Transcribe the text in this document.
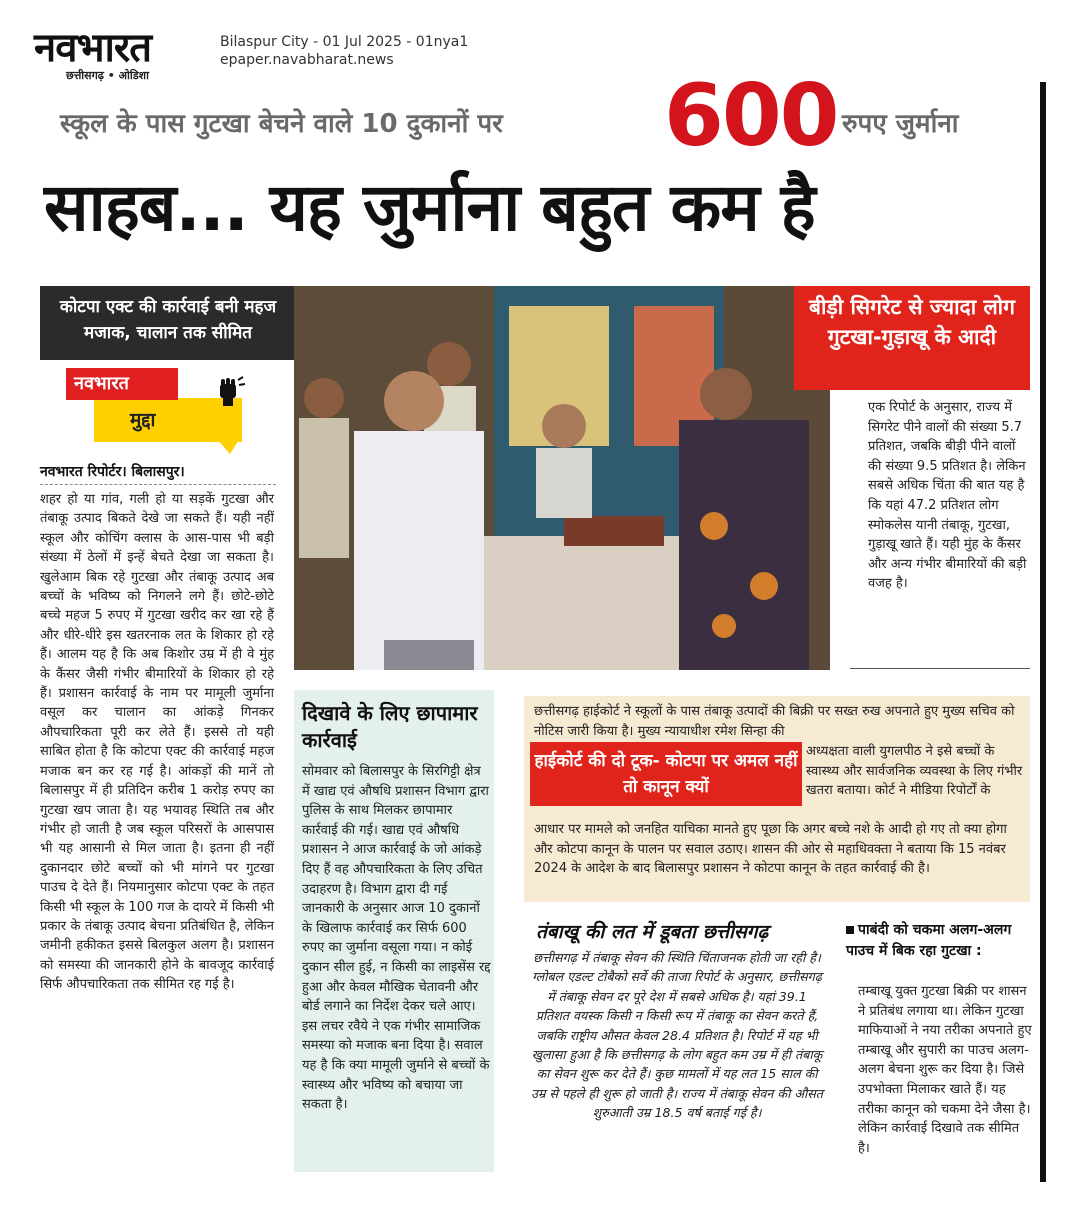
नवभारत
छत्तीसगढ़ • ओडिशा
Bilaspur City - 01 Jul 2025 - 01nya1
epaper.navabharat.news
स्कूल के पास गुटखा बेचने वाले 10 दुकानों पर 600 रुपए जुर्माना
साहब... यह जुर्माना बहुत कम है
कोटपा एक्ट की कार्रवाई बनी महज मजाक, चालान तक सीमित
मुद्दा
नवभारत
नवभारत रिपोर्टर। बिलासपुर।
शहर हो या गांव, गली हो या सड़कें गुटखा और तंबाकू उत्पाद बिकते देखे जा सकते हैं। यही नहीं स्कूल और कोचिंग क्लास के आस-पास भी बड़ी संख्या में ठेलों में इन्हें बेचते देखा जा सकता है। खुलेआम बिक रहे गुटखा और तंबाकू उत्पाद अब बच्चों के भविष्य को निगलने लगे हैं। छोटे-छोटे बच्चे महज 5 रुपए में गुटखा खरीद कर खा रहे हैं और धीरे-धीरे इस खतरनाक लत के शिकार हो रहे हैं। आलम यह है कि अब किशोर उम्र में ही वे मुंह के कैंसर जैसी गंभीर बीमारियों के शिकार हो रहे हैं। प्रशासन कार्रवाई के नाम पर मामूली जुर्माना वसूल कर चालान का आंकड़े गिनकर औपचारिकता पूरी कर लेते हैं। इससे तो यही साबित होता है कि कोटपा एक्ट की कार्रवाई महज मजाक बन कर रह गई है। आंकड़ों की मानें तो बिलासपुर में ही प्रतिदिन करीब 1 करोड़ रुपए का गुटखा खप जाता है। यह भयावह स्थिति तब और गंभीर हो जाती है जब स्कूल परिसरों के आसपास भी यह आसानी से मिल जाता है। इतना ही नहीं दुकानदार छोटे बच्चों को भी मांगने पर गुटखा पाउच दे देते हैं। नियमानुसार कोटपा एक्ट के तहत किसी भी स्कूल के 100 गज के दायरे में किसी भी प्रकार के तंबाकू उत्पाद बेचना प्रतिबंधित है, लेकिन जमीनी हकीकत इससे बिलकुल अलग है। प्रशासन को समस्या की जानकारी होने के बावजूद कार्रवाई सिर्फ औपचारिकता तक सीमित रह गई है।
बीड़ी सिगरेट से ज्यादा लोग गुटखा-गुड़ाखू के आदी
एक रिपोर्ट के अनुसार, राज्य में सिगरेट पीने वालों की संख्या 5.7 प्रतिशत, जबकि बीड़ी पीने वालों की संख्या 9.5 प्रतिशत है। लेकिन सबसे अधिक चिंता की बात यह है कि यहां 47.2 प्रतिशत लोग स्मोकलेस यानी तंबाकू, गुटखा, गुड़ाखू खाते हैं। यही मुंह के कैंसर और अन्य गंभीर बीमारियों की बड़ी वजह है।
दिखावे के लिए छापामार कार्रवाई
सोमवार को बिलासपुर के सिरगिट्टी क्षेत्र में खाद्य एवं औषधि प्रशासन विभाग द्वारा पुलिस के साथ मिलकर छापामार कार्रवाई की गई। खाद्य एवं औषधि प्रशासन ने आज कार्रवाई के जो आंकड़े दिए हैं वह औपचारिकता के लिए उचित उदाहरण है। विभाग द्वारा दी गई जानकारी के अनुसार आज 10 दुकानों के खिलाफ कार्रवाई कर सिर्फ 600 रुपए का जुर्माना वसूला गया। न कोई दुकान सील हुई, न किसी का लाइसेंस रद्द हुआ और केवल मौखिक चेतावनी और बोर्ड लगाने का निर्देश देकर चले आए। इस लचर रवैये ने एक गंभीर सामाजिक समस्या को मजाक बना दिया है। सवाल यह है कि क्या मामूली जुर्माने से बच्चों के स्वास्थ्य और भविष्य को बचाया जा सकता है।
छत्तीसगढ़ हाईकोर्ट ने स्कूलों के पास तंबाकू उत्पादों की बिक्री पर सख्त रुख अपनाते हुए मुख्य सचिव को नोटिस जारी किया है। मुख्य न्यायाधीश रमेश सिन्हा की
अध्यक्षता वाली युगलपीठ ने इसे बच्चों के स्वास्थ्य और सार्वजनिक व्यवस्था के लिए गंभीर खतरा बताया। कोर्ट ने मीडिया रिपोर्टों के
आधार पर मामले को जनहित याचिका मानते हुए पूछा कि अगर बच्चे नशे के आदी हो गए तो क्या होगा और कोटपा कानून के पालन पर सवाल उठाए। शासन की ओर से महाधिवक्ता ने बताया कि 15 नवंबर 2024 के आदेश के बाद बिलासपुर प्रशासन ने कोटपा कानून के तहत कार्रवाई की है।
हाईकोर्ट की दो टूक- कोटपा पर अमल नहीं तो कानून क्यों
तंबाखू की लत में डूबता छत्तीसगढ़
छत्तीसगढ़ में तंबाकू सेवन की स्थिति चिंताजनक होती जा रही है। ग्लोबल एडल्ट टोबैको सर्वे की ताजा रिपोर्ट के अनुसार, छत्तीसगढ़ में तंबाकू सेवन दर पूरे देश में सबसे अधिक है। यहां 39.1 प्रतिशत वयस्क किसी न किसी रूप में तंबाकू का सेवन करते हैं, जबकि राष्ट्रीय औसत केवल 28.4 प्रतिशत है। रिपोर्ट में यह भी खुलासा हुआ है कि छत्तीसगढ़ के लोग बहुत कम उम्र में ही तंबाकू का सेवन शुरू कर देते हैं। कुछ मामलों में यह लत 15 साल की उम्र से पहले ही शुरू हो जाती है। राज्य में तंबाकू सेवन की औसत शुरुआती उम्र 18.5 वर्ष बताई गई है।
पाबंदी को चकमा अलग-अलग पाउच में बिक रहा गुटखा :
तम्बाखू युक्त गुटखा बिक्री पर शासन ने प्रतिबंध लगाया था। लेकिन गुटखा माफियाओं ने नया तरीका अपनाते हुए तम्बाखू और सुपारी का पाउच अलग-अलग बेचना शुरू कर दिया है। जिसे उपभोक्ता मिलाकर खाते हैं। यह तरीका कानून को चकमा देने जैसा है। लेकिन कार्रवाई दिखावे तक सीमित है।
